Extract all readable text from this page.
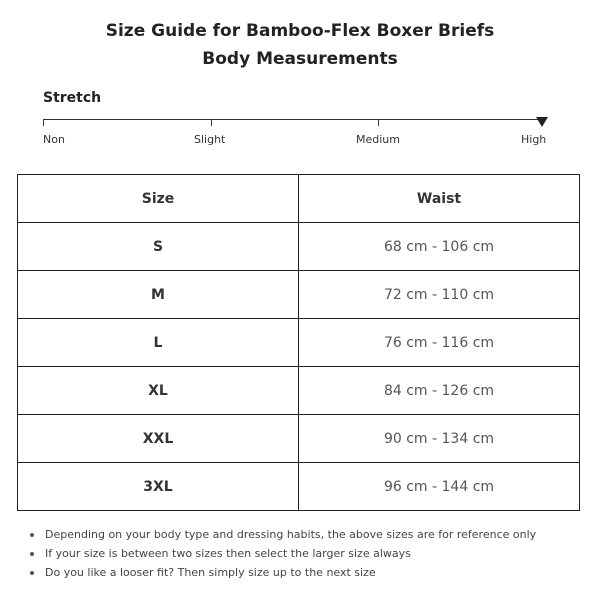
Size Guide for Bamboo-Flex Boxer Briefs
Body Measurements
Stretch
Non	Slight	Medium	High
Size	Waist
S	68 cm - 106 cm
M	72 cm - 110 cm
L	76 cm - 116 cm
XL	84 cm - 126 cm
XXL	90 cm - 134 cm
3XL	96 cm - 144 cm
Depending on your body type and dressing habits, the above sizes are for reference only
If your size is between two sizes then select the larger size always
Do you like a looser fit? Then simply size up to the next size
